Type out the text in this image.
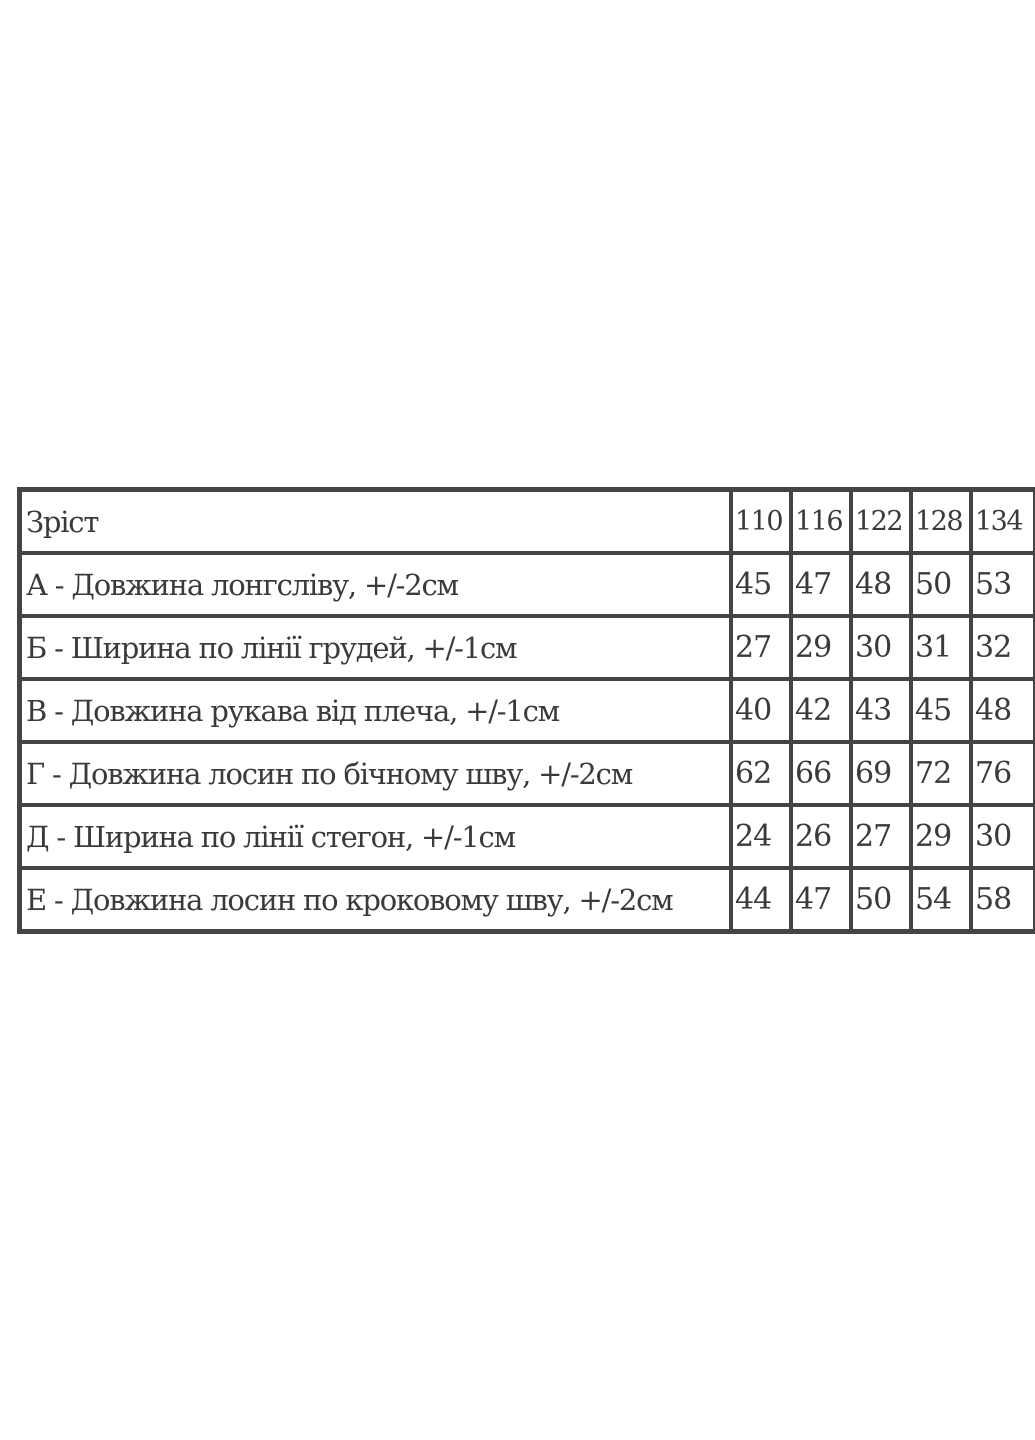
Зріст	110	116	122	128	134
А - Довжина лонгсліву, +/-2см	45	47	48	50	53
Б - Ширина по лінії грудей, +/-1см	27	29	30	31	32
В - Довжина рукава від плеча, +/-1см	40	42	43	45	48
Г - Довжина лосин по бічному шву, +/-2см	62	66	69	72	76
Д - Ширина по лінії стегон, +/-1см	24	26	27	29	30
Е - Довжина лосин по кроковому шву, +/-2см	44	47	50	54	58
